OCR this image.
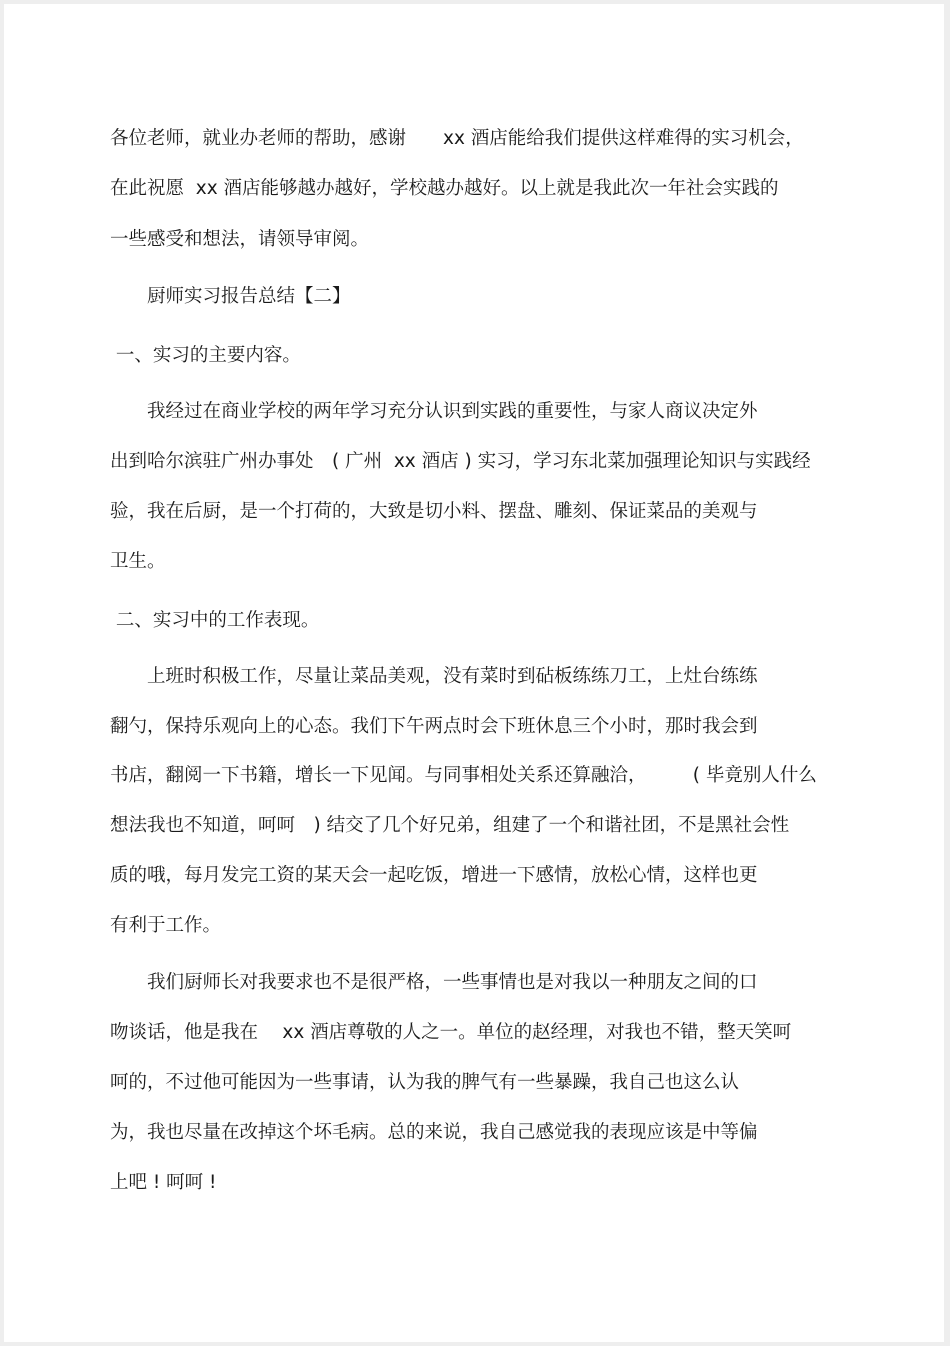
各位老师，就业办老师的帮助，感谢　　xx 酒店能给我们提供这样难得的实习机会，

在此祝愿  xx 酒店能够越办越好，学校越办越好。以上就是我此次一年社会实践的

一些感受和想法，请领导审阅。

　　厨师实习报告总结【二】

一、实习的主要内容。

　　我经过在商业学校的两年学习充分认识到实践的重要性，与家人商议决定外

出到哈尔滨驻广州办事处　( 广州  xx 酒店 ) 实习，学习东北菜加强理论知识与实践经

验，我在后厨，是一个打荷的，大致是切小料、摆盘、雕刻、保证菜品的美观与

卫生。

二、实习中的工作表现。

　　上班时积极工作，尽量让菜品美观，没有菜时到砧板练练刀工，上灶台练练

翻勺，保持乐观向上的心态。我们下午两点时会下班休息三个小时，那时我会到

书店，翻阅一下书籍，增长一下见闻。与同事相处关系还算融洽，　　　( 毕竟别人什么

想法我也不知道，呵呵　) 结交了几个好兄弟，组建了一个和谐社团，不是黑社会性

质的哦，每月发完工资的某天会一起吃饭，增进一下感情，放松心情，这样也更

有利于工作。

　　我们厨师长对我要求也不是很严格，一些事情也是对我以一种朋友之间的口

吻谈话，他是我在　 xx 酒店尊敬的人之一。单位的赵经理，对我也不错，整天笑呵

呵的，不过他可能因为一些事请，认为我的脾气有一些暴躁，我自己也这么认

为，我也尽量在改掉这个坏毛病。总的来说，我自己感觉我的表现应该是中等偏

上吧 ! 呵呵 !
